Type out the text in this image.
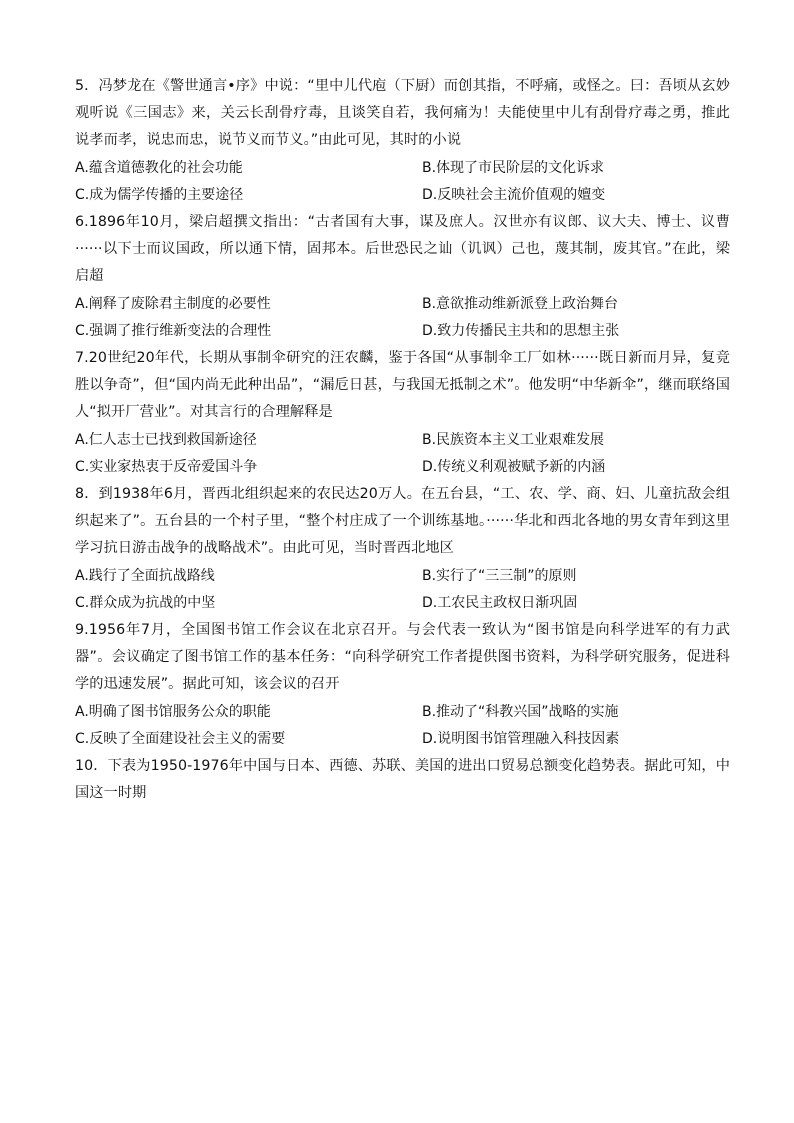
5．冯梦龙在《警世通言•序》中说：“里中儿代庖（下厨）而创其指，不呼痛，或怪之。曰：吾顷从玄妙观听说《三国志》来，关云长刮骨疗毒，且谈笑自若，我何痛为！夫能使里中儿有刮骨疗毒之勇，推此说孝而孝，说忠而忠，说节义而节义。”由此可见，其时的小说

A.蕴含道德教化的社会功能	B.体现了市民阶层的文化诉求
C.成为儒学传播的主要途径	D.反映社会主流价值观的嬗变

6.1896年10月，梁启超撰文指出：“古者国有大事，谋及庶人。汉世亦有议郎、议大夫、博士、议曹······以下士而议国政，所以通下情，固邦本。后世恐民之讪（讥讽）己也，蔑其制，废其官。”在此，梁启超

A.阐释了废除君主制度的必要性	B.意欲推动维新派登上政治舞台
C.强调了推行维新变法的合理性	D.致力传播民主共和的思想主张

7.20世纪20年代，长期从事制伞研究的汪农麟，鉴于各国“从事制伞工厂如林······既日新而月异，复竞胜以争奇”，但“国内尚无此种出品”，“漏卮日甚，与我国无抵制之术”。他发明“中华新伞”，继而联络国人“拟开厂营业”。对其言行的合理解释是

A.仁人志士已找到救国新途径	B.民族资本主义工业艰难发展
C.实业家热衷于反帝爱国斗争	D.传统义利观被赋予新的内涵

8．到1938年6月，晋西北组织起来的农民达20万人。在五台县，“工、农、学、商、妇、儿童抗敌会组织起来了”。五台县的一个村子里，“整个村庄成了一个训练基地。······华北和西北各地的男女青年到这里学习抗日游击战争的战略战术”。由此可见，当时晋西北地区

A.践行了全面抗战路线	B.实行了“三三制”的原则
C.群众成为抗战的中坚	D.工农民主政权日渐巩固

9.1956年7月，全国图书馆工作会议在北京召开。与会代表一致认为“图书馆是向科学进军的有力武器”。会议确定了图书馆工作的基本任务：“向科学研究工作者提供图书资料，为科学研究服务，促进科学的迅速发展”。据此可知，该会议的召开

A.明确了图书馆服务公众的职能	B.推动了“科教兴国”战略的实施
C.反映了全面建设社会主义的需要	D.说明图书馆管理融入科技因素

10．下表为1950-1976年中国与日本、西德、苏联、美国的进出口贸易总额变化趋势表。据此可知，中国这一时期
